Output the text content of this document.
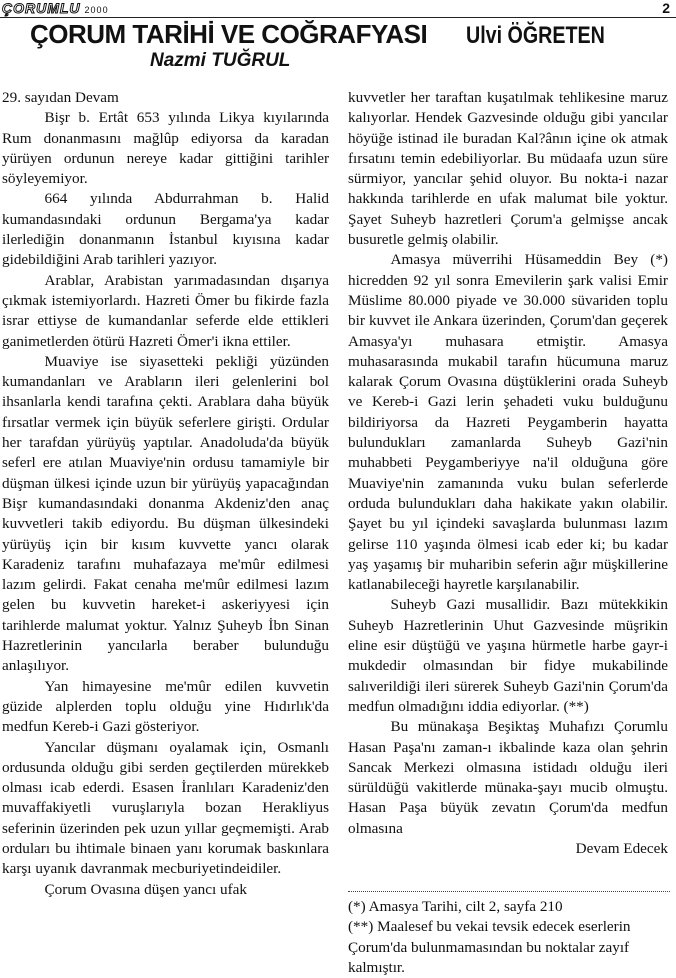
ÇORUMLU 2000	2
ÇORUM TARİHİ VE COĞRAFYASI Ulvi ÖĞRETEN
Nazmi TUĞRUL

29. sayıdan Devam

Bişr b. Ertât 653 yılında Likya kıyılarında Rum donanmasını mağlûp ediyorsa da karadan yürüyen ordunun nereye kadar gittiğini tarihler söyleyemiyor.

664 yılında Abdurrahman b. Halid kumandasındaki ordunun Bergama'ya kadar ilerlediğin donanmanın İstanbul kıyısına kadar gidebildiğini Arab tarihleri yazıyor.

Arablar, Arabistan yarımadasından dışarıya çıkmak istemiyorlardı. Hazreti Ömer bu fikirde fazla israr ettiyse de kumandanlar seferde elde ettikleri ganimetlerden ötürü Hazreti Ömer'i ikna ettiler.

Muaviye ise siyasetteki pekliği yüzünden kumandanları ve Arabların ileri gelenlerini bol ihsanlarla kendi tarafına çekti. Arablara daha büyük fırsatlar vermek için büyük seferlere girişti. Ordular her tarafdan yürüyüş yaptılar. Anadoluda'da büyük seferl ere atılan Muaviye'nin ordusu tamamiyle bir düşman ülkesi içinde uzun bir yürüyüş yapacağından Bişr kumandasındaki donanma Akdeniz'den anaç kuvvetleri takib ediyordu. Bu düşman ülkesindeki yürüyüş için bir kısım kuvvette yancı olarak Karadeniz tarafını muhafazaya me'mûr edilmesi lazım gelirdi. Fakat cenaha me'mûr edilmesi lazım gelen bu kuvvetin hareket-i askeriyyesi için tarihlerde malumat yoktur. Yalnız Şuheyb İbn Sinan Hazretlerinin yancılarla beraber bulunduğu anlaşılıyor.

Yan himayesine me'mûr edilen kuvvetin güzide alplerden toplu olduğu yine Hıdırlık'da medfun Kereb-i Gazi gösteriyor.

Yancılar düşmanı oyalamak için, Osmanlı ordusunda olduğu gibi serden geçtilerden mürekkeb olması icab ederdi. Esasen İranlıları Karadeniz'den muvaffakiyetli vuruşlarıyla bozan Herakliyus seferinin üzerinden pek uzun yıllar geçmemişti. Arab orduları bu ihtimale binaen yanı korumak baskınlara karşı uyanık davranmak mecburiyetindeidiler.

Çorum Ovasına düşen yancı ufak

kuvvetler her taraftan kuşatılmak tehlikesine maruz kalıyorlar. Hendek Gazvesinde olduğu gibi yancılar höyüğe istinad ile buradan Kal?ânın içine ok atmak fırsatını temin edebiliyorlar. Bu müdaafa uzun süre sürmiyor, yancılar şehid oluyor. Bu nokta-i nazar hakkında tarihlerde en ufak malumat bile yoktur. Şayet Suheyb hazretleri Çorum'a gelmişse ancak busuretle gelmiş olabilir.

Amasya müverrihi Hüsameddin Bey (*) hicredden 92 yıl sonra Emevilerin şark valisi Emir Müslime 80.000 piyade ve 30.000 süvariden toplu bir kuvvet ile Ankara üzerinden, Çorum'dan geçerek Amasya'yı muhasara etmiştir. Amasya muhasarasında mukabil tarafın hücumuna maruz kalarak Çorum Ovasına düştüklerini orada Suheyb ve Kereb-i Gazi lerin şehadeti vuku bulduğunu bildiriyorsa da Hazreti Peygamberin hayatta bulundukları zamanlarda Suheyb Gazi'nin muhabbeti Peygamberiyye na'il olduğuna göre Muaviye'nin zamanında vuku bulan seferlerde orduda bulundukları daha hakikate yakın olabilir. Şayet bu yıl içindeki savaşlarda bulunması lazım gelirse 110 yaşında ölmesi icab eder ki; bu kadar yaş yaşamış bir muharibin seferin ağır müşkillerine katlanabileceği hayretle karşılanabilir.

Suheyb Gazi musallidir. Bazı mütekkikin Suheyb Hazretlerinin Uhut Gazvesinde müşrikin eline esir düştüğü ve yaşına hürmetle harbe gayr-i mukdedir olmasından bir fidye mukabilinde salıverildiği ileri sürerek Suheyb Gazi'nin Çorum'da medfun olmadığını iddia ediyorlar. (**)

Bu münakaşa Beşiktaş Muhafızı Çorumlu Hasan Paşa'nı zaman-ı ikbalinde kaza olan şehrin Sancak Merkezi olmasına istidadı olduğu ileri sürüldüğü vakitlerde münaka-şayı mucib olmuştu. Hasan Paşa büyük zevatın Çorum'da medfun olmasına

Devam Edecek

(*) Amasya Tarihi, cilt 2, sayfa 210

(**) Maalesef bu vekai tevsik edecek eserlerin Çorum'da bulunmamasından bu noktalar zayıf kalmıştır.
